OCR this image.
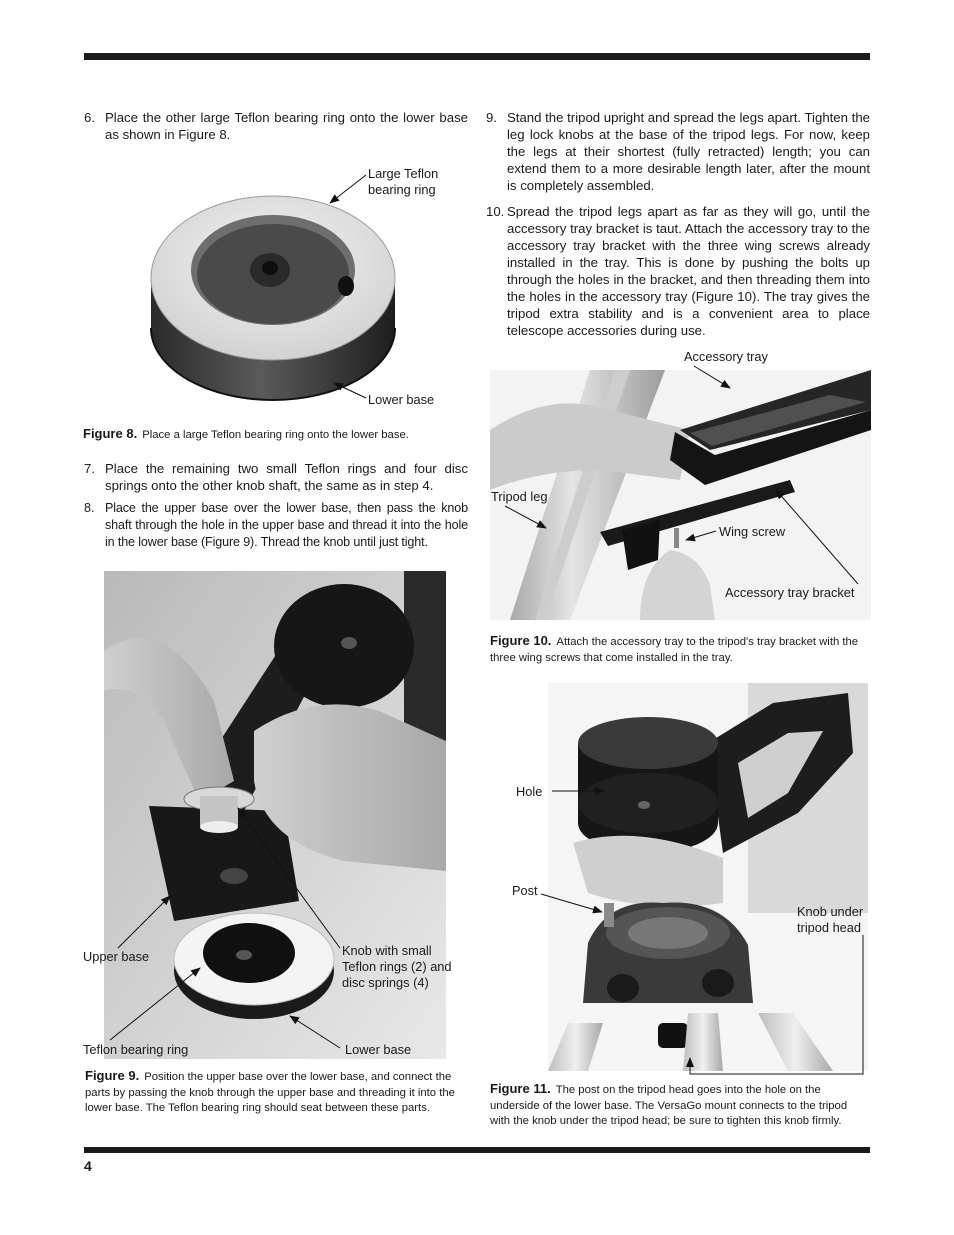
4
6. Place the other large Teflon bearing ring onto the lower base as shown in Figure 8.
Large Teflon
bearing ring
Lower base
Figure 8. Place a large Teflon bearing ring onto the lower base.
7. Place the remaining two small Teflon rings and four disc springs onto the other knob shaft, the same as in step 4.
8. Place the upper base over the lower base, then pass the knob shaft through the hole in the upper base and thread it into the hole in the lower base (Figure 9). Thread the knob until just tight.
Upper base	Knob with small
Teflon rings (2) and
disc springs (4)
Teflon bearing ring	Lower base
Figure 9. Position the upper base over the lower base, and connect the parts by passing the knob through the upper base and threading it into the lower base. The Teflon bearing ring should seat between these parts.
9. Stand the tripod upright and spread the legs apart. Tighten the leg lock knobs at the base of the tripod legs. For now, keep the legs at their shortest (fully retracted) length; you can extend them to a more desirable length later, after the mount is completely assembled.
10. Spread the tripod legs apart as far as they will go, until the accessory tray bracket is taut. Attach the accessory tray to the accessory tray bracket with the three wing screws already installed in the tray. This is done by pushing the bolts up through the holes in the bracket, and then threading them into the holes in the accessory tray (Figure 10). The tray gives the tripod extra stability and is a convenient area to place telescope accessories during use.
Accessory tray
Tripod leg
Wing screw
Accessory tray bracket
Figure 10. Attach the accessory tray to the tripod's tray bracket with the three wing screws that come installed in the tray.
Hole
Post
Knob under
tripod head
Figure 11. The post on the tripod head goes into the hole on the underside of the lower base. The VersaGo mount connects to the tripod with the knob under the tripod head; be sure to tighten this knob firmly.
